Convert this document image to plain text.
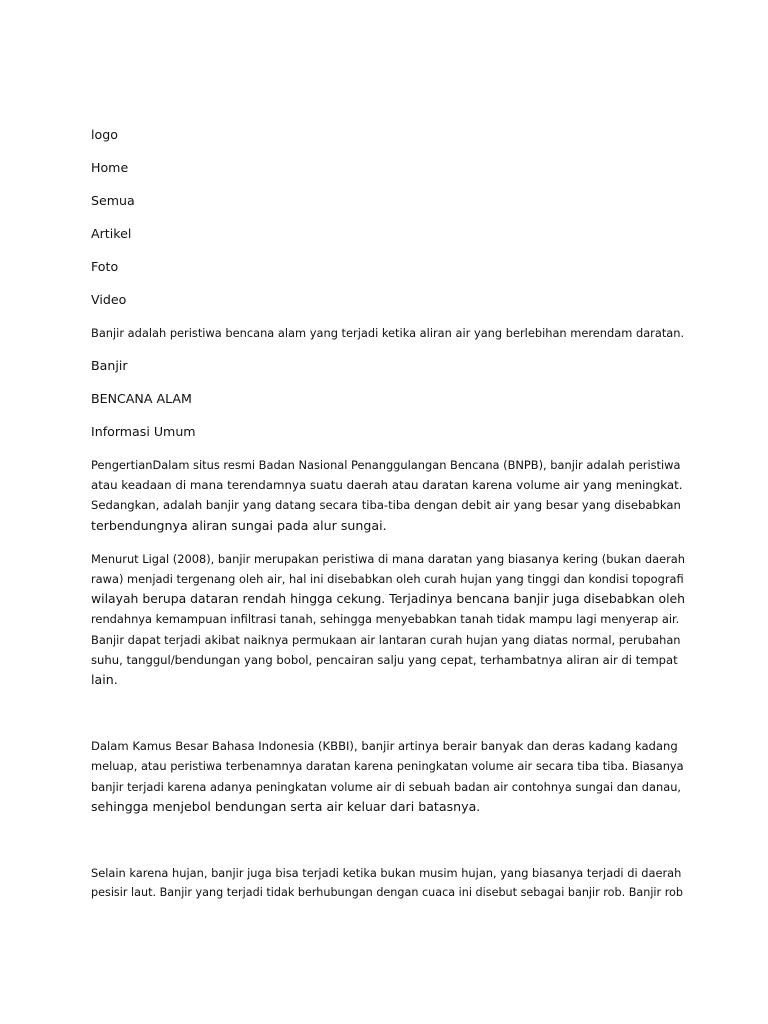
logo
Home
Semua
Artikel
Foto
Video
Banjir adalah peristiwa bencana alam yang terjadi ketika aliran air yang berlebihan merendam daratan.
Banjir
BENCANA ALAM
Informasi Umum
PengertianDalam situs resmi Badan Nasional Penanggulangan Bencana (BNPB), banjir adalah peristiwa
atau keadaan di mana terendamnya suatu daerah atau daratan karena volume air yang meningkat.
Sedangkan, adalah banjir yang datang secara tiba-tiba dengan debit air yang besar yang disebabkan
terbendungnya aliran sungai pada alur sungai.
Menurut Ligal (2008), banjir merupakan peristiwa di mana daratan yang biasanya kering (bukan daerah
rawa) menjadi tergenang oleh air, hal ini disebabkan oleh curah hujan yang tinggi dan kondisi topografi
wilayah berupa dataran rendah hingga cekung. Terjadinya bencana banjir juga disebabkan oleh
rendahnya kemampuan infiltrasi tanah, sehingga menyebabkan tanah tidak mampu lagi menyerap air.
Banjir dapat terjadi akibat naiknya permukaan air lantaran curah hujan yang diatas normal, perubahan
suhu, tanggul/bendungan yang bobol, pencairan salju yang cepat, terhambatnya aliran air di tempat
lain.
Dalam Kamus Besar Bahasa Indonesia (KBBI), banjir artinya berair banyak dan deras kadang kadang
meluap, atau peristiwa terbenamnya daratan karena peningkatan volume air secara tiba tiba. Biasanya
banjir terjadi karena adanya peningkatan volume air di sebuah badan air contohnya sungai dan danau,
sehingga menjebol bendungan serta air keluar dari batasnya.
Selain karena hujan, banjir juga bisa terjadi ketika bukan musim hujan, yang biasanya terjadi di daerah
pesisir laut. Banjir yang terjadi tidak berhubungan dengan cuaca ini disebut sebagai banjir rob. Banjir rob
